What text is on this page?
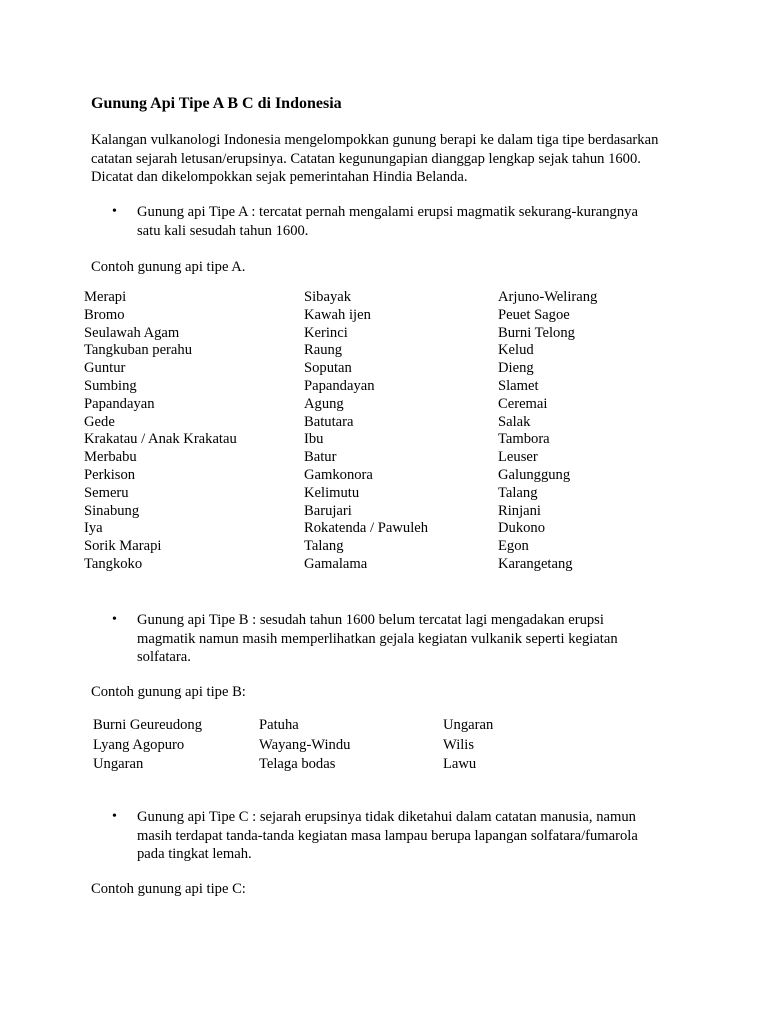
Gunung Api Tipe A B C di Indonesia
Kalangan vulkanologi Indonesia mengelompokkan gunung berapi ke dalam tiga tipe berdasarkan
catatan sejarah letusan/erupsinya. Catatan kegunungapian dianggap lengkap sejak tahun 1600.
Dicatat dan dikelompokkan sejak pemerintahan Hindia Belanda.
• Gunung api Tipe A : tercatat pernah mengalami erupsi magmatik sekurang-kurangnya
satu kali sesudah tahun 1600.
Contoh gunung api tipe A.
Merapi
Bromo
Seulawah Agam
Tangkuban perahu
Guntur
Sumbing
Papandayan
Gede
Krakatau / Anak Krakatau
Merbabu
Perkison
Semeru
Sinabung
Iya
Sorik Marapi
Tangkoko
Sibayak
Kawah ijen
Kerinci
Raung
Soputan
Papandayan
Agung
Batutara
Ibu
Batur
Gamkonora
Kelimutu
Barujari
Rokatenda / Pawuleh
Talang
Gamalama
Arjuno-Welirang
Peuet Sagoe
Burni Telong
Kelud
Dieng
Slamet
Ceremai
Salak
Tambora
Leuser
Galunggung
Talang
Rinjani
Dukono
Egon
Karangetang
• Gunung api Tipe B : sesudah tahun 1600 belum tercatat lagi mengadakan erupsi
magmatik namun masih memperlihatkan gejala kegiatan vulkanik seperti kegiatan
solfatara.
Contoh gunung api tipe B:
Burni Geureudong
Lyang Agopuro
Ungaran
Patuha
Wayang-Windu
Telaga bodas
Ungaran
Wilis
Lawu
• Gunung api Tipe C : sejarah erupsinya tidak diketahui dalam catatan manusia, namun
masih terdapat tanda-tanda kegiatan masa lampau berupa lapangan solfatara/fumarola
pada tingkat lemah.
Contoh gunung api tipe C:
